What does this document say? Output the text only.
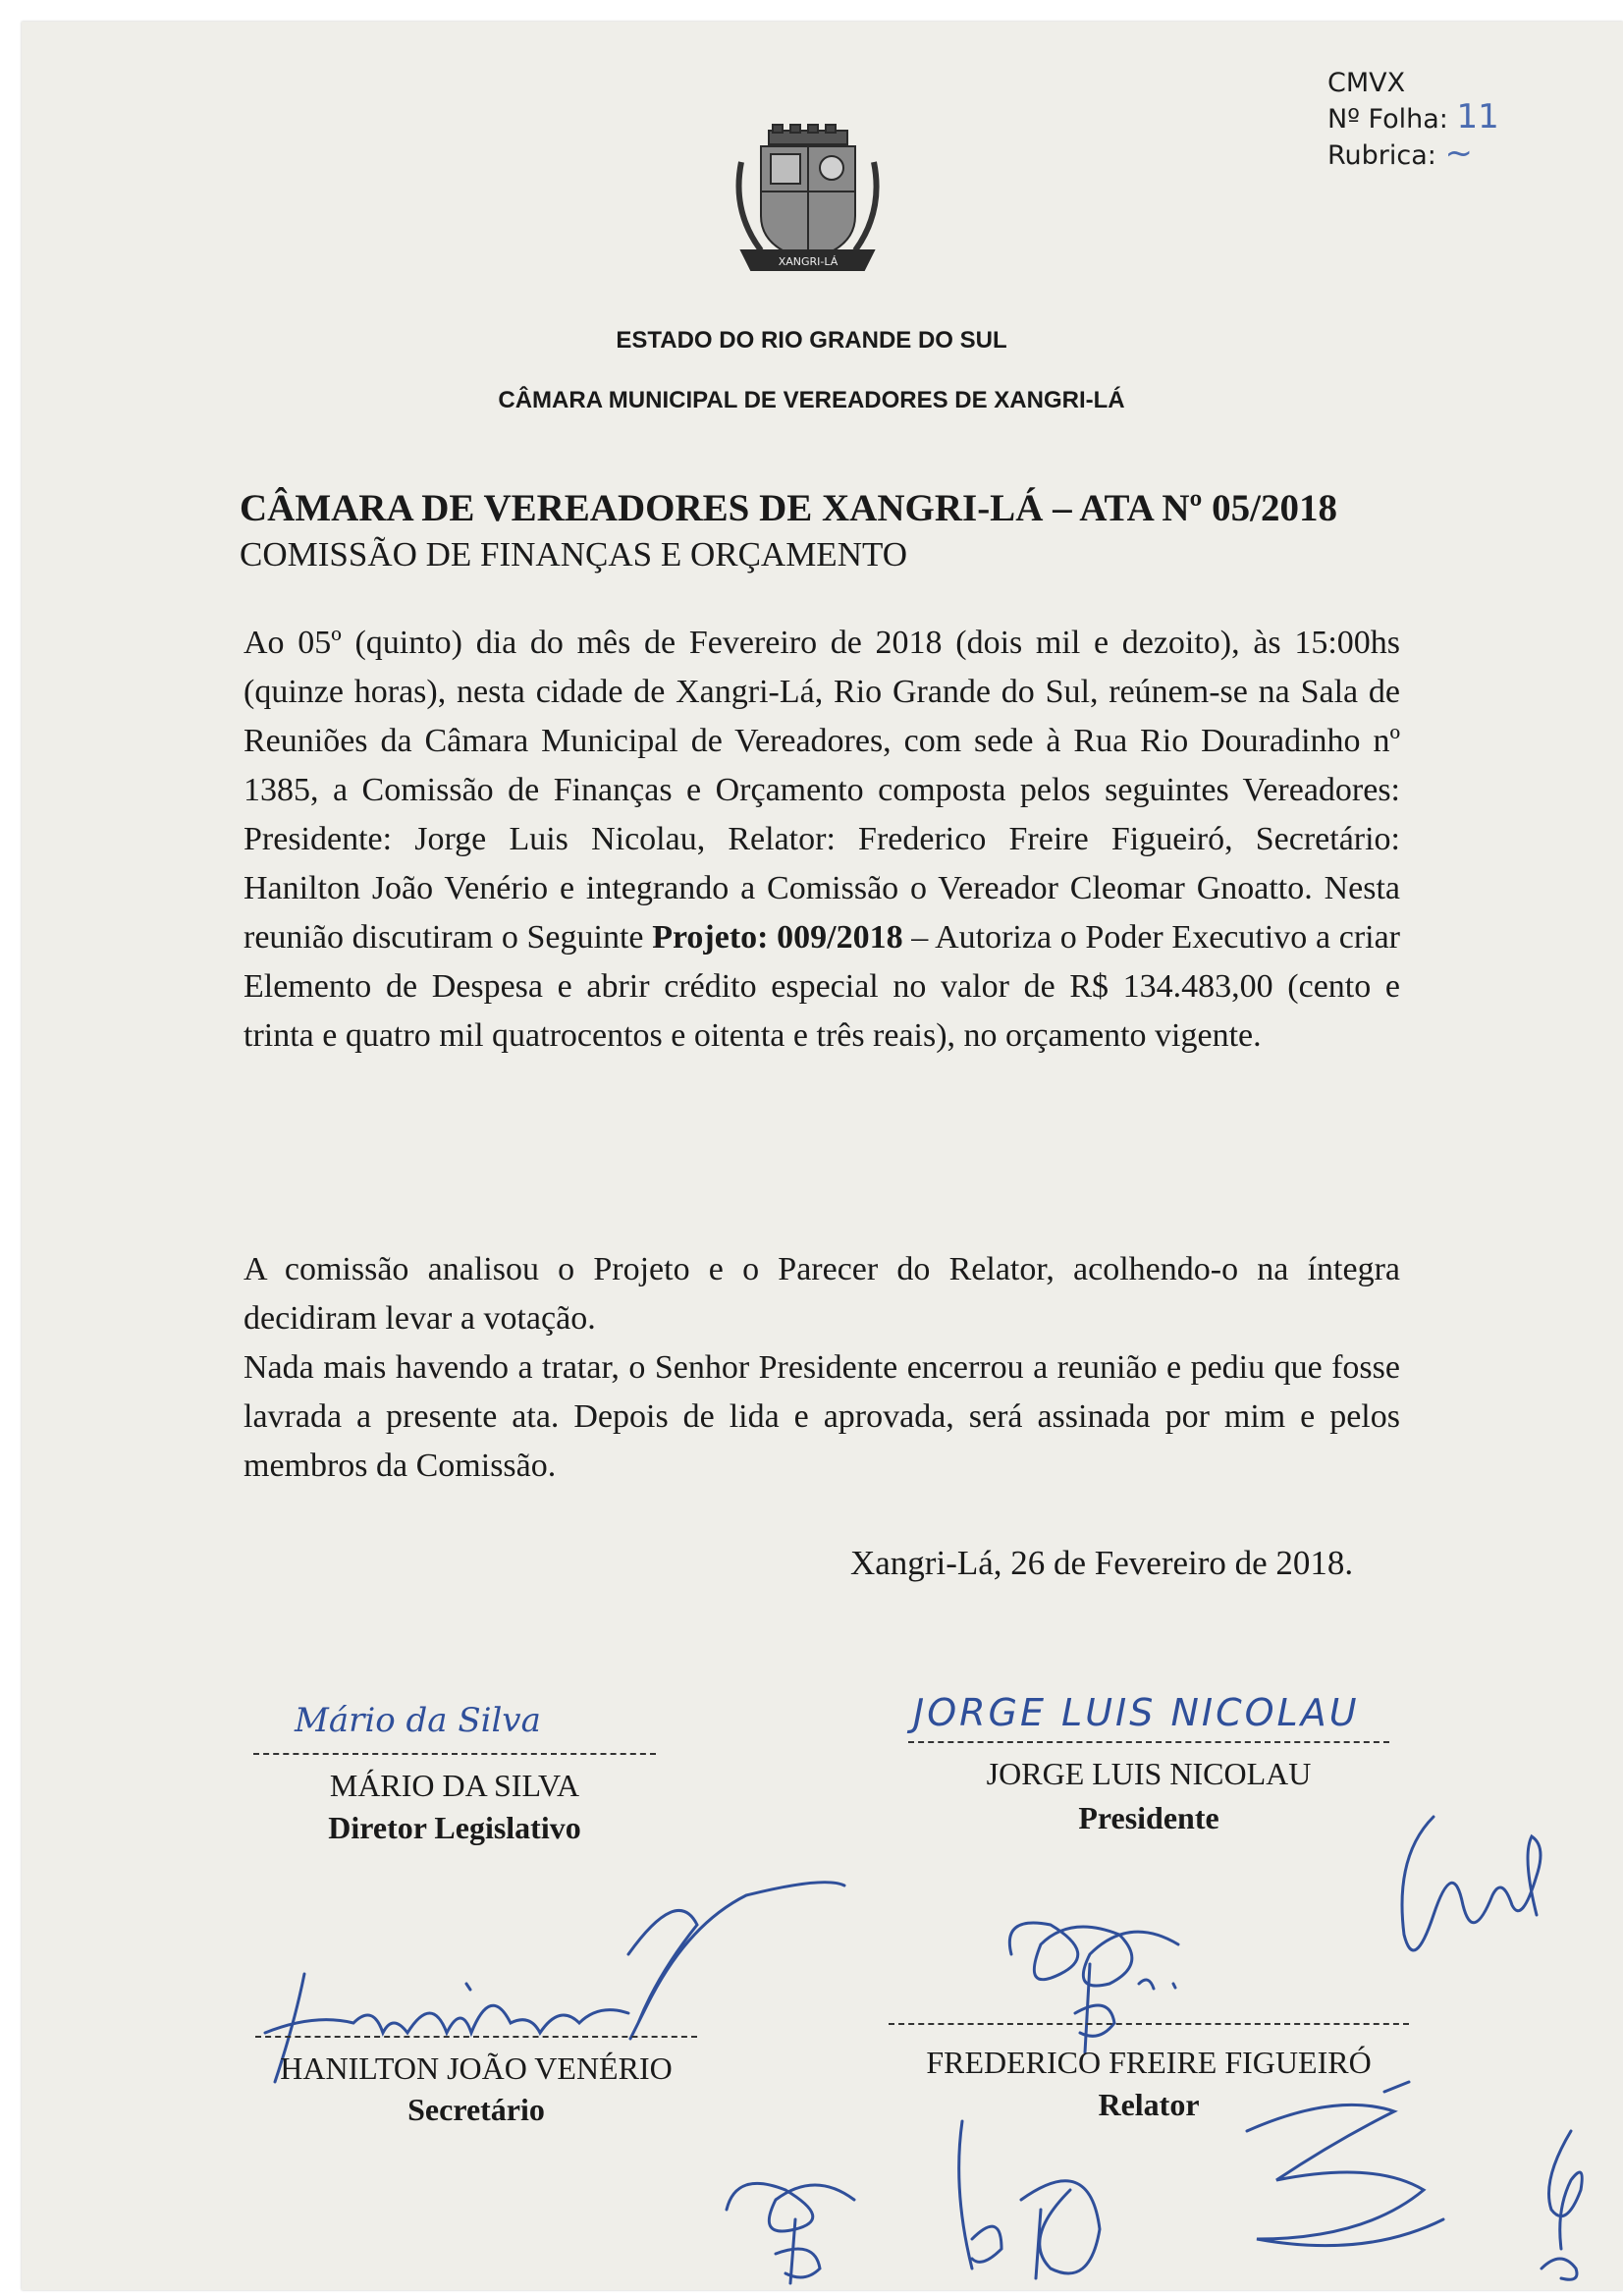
CMVX
Nº Folha: 11
Rubrica: ~
XANGRI-LÁ
ESTADO DO RIO GRANDE DO SUL
CÂMARA MUNICIPAL DE VEREADORES DE XANGRI-LÁ
CÂMARA DE VEREADORES DE XANGRI-LÁ – ATA Nº 05/2018
COMISSÃO DE FINANÇAS E ORÇAMENTO
Ao 05º (quinto) dia do mês de Fevereiro de 2018 (dois mil e dezoito), às 15:00hs (quinze horas), nesta cidade de Xangri-Lá, Rio Grande do Sul, reúnem-se na Sala de Reuniões da Câmara Municipal de Vereadores, com sede à Rua Rio Douradinho nº 1385, a Comissão de Finanças e Orçamento composta pelos seguintes Vereadores: Presidente: Jorge Luis Nicolau, Relator: Frederico Freire Figueiró, Secretário: Hanilton João Venério e integrando a Comissão o Vereador Cleomar Gnoatto. Nesta reunião discutiram o Seguinte Projeto: 009/2018 – Autoriza o Poder Executivo a criar Elemento de Despesa e abrir crédito especial no valor de R$ 134.483,00 (cento e trinta e quatro mil quatrocentos e oitenta e três reais), no orçamento vigente.
A comissão analisou o Projeto e o Parecer do Relator, acolhendo-o na íntegra decidiram levar a votação.
Nada mais havendo a tratar, o Senhor Presidente encerrou a reunião e pediu que fosse lavrada a presente ata. Depois de lida e aprovada, será assinada por mim e pelos membros da Comissão.
Xangri-Lá, 26 de Fevereiro de 2018.
Mário da Silva
MÁRIO DA SILVA
Diretor Legislativo
JORGE LUIS NICOLAU
JORGE LUIS NICOLAU
Presidente
HANILTON JOÃO VENÉRIO
Secretário
FREDERICO FREIRE FIGUEIRÓ
Relator
